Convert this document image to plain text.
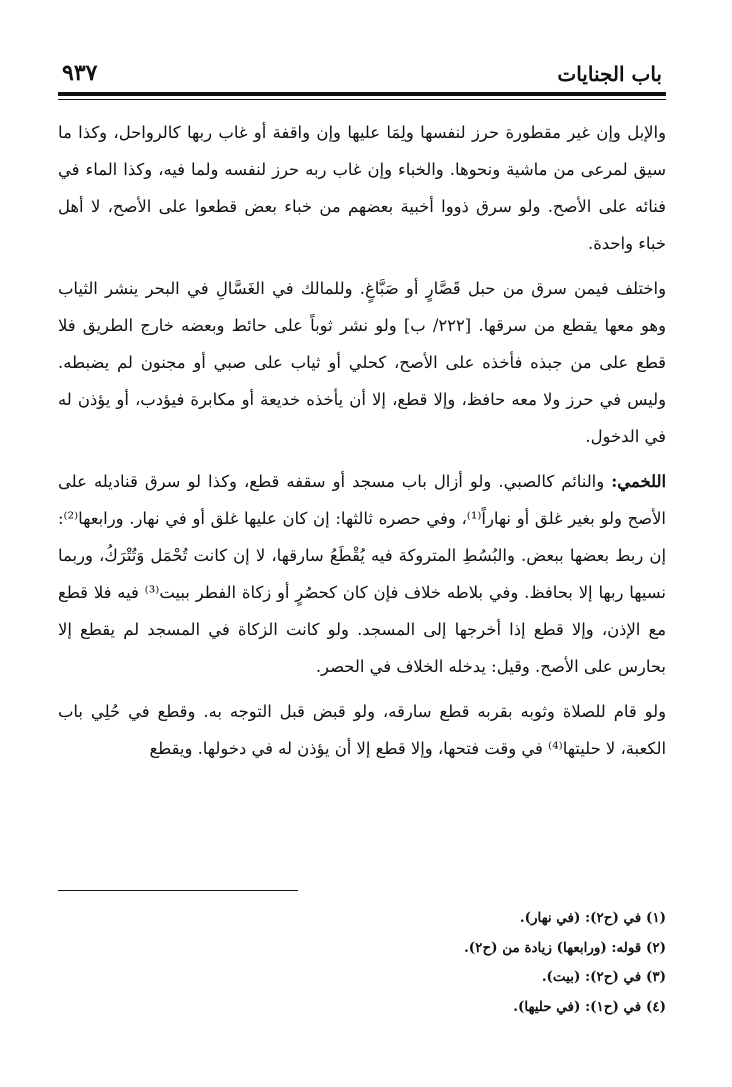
باب الجنايات
٩٣٧

والإبل وإن غير مقطورة حرز لنفسها ولِمَا عليها وإن واقفة أو غاب ربها كالرواحل، وكذا ما سيق لمرعى من ماشية ونحوها. والخباء وإن غاب ربه حرز لنفسه ولما فيه، وكذا الماء في فنائه على الأصح. ولو سرق ذووا أخبية بعضهم من خباء بعض قطعوا على الأصح، لا أهل خباء واحدة.

واختلف فيمن سرق من حبل قَصَّارٍ أو صَبَّاغٍ. وللمالك في الغَسَّالِ في البحر ينشر الثياب وهو معها يقطع من سرقها. [٢٢٢/ ب] ولو نشر ثوباً على حائط وبعضه خارج الطريق فلا قطع على من جبذه فأخذه على الأصح، كحلي أو ثياب على صبي أو مجنون لم يضبطه. وليس في حرز ولا معه حافظ، وإلا قطع، إلا أن يأخذه خديعة أو مكابرة فيؤدب، أو يؤذن له في الدخول.

اللخمي: والنائم كالصبي. ولو أزال باب مسجد أو سقفه قطع، وكذا لو سرق قناديله على الأصح ولو بغير غلق أو نهاراً⁽¹⁾، وفي حصره ثالثها: إن كان عليها غلق أو في نهار. ورابعها⁽²⁾: إن ربط بعضها ببعض. والبُسُطِ المتروكة فيه يُقْطَعُ سارقها، لا إن كانت تُحْمَل وَتُتْرَكُ، وربما نسيها ربها إلا بحافظ. وفي بلاطه خلاف فإن كان كحصُرٍ أو زكاة الفطر ببيت⁽³⁾ فيه فلا قطع مع الإذن، وإلا قطع إذا أخرجها إلى المسجد. ولو كانت الزكاة في المسجد لم يقطع إلا بحارس على الأصح. وقيل: يدخله الخلاف في الحصر.

ولو قام للصلاة وثوبه بقربه قطع سارقه، ولو قبض قبل التوجه به. وقطع في حُلِي باب الكعبة، لا حليتها⁽⁴⁾ في وقت فتحها، وإلا قطع إلا أن يؤذن له في دخولها. ويقطع

(١) في (ح٢): (في نهار).
(٢) قوله: (ورابعها) زيادة من (ح٢).
(٣) في (ح٢): (بيت).
(٤) في (ح١): (في حليها).
